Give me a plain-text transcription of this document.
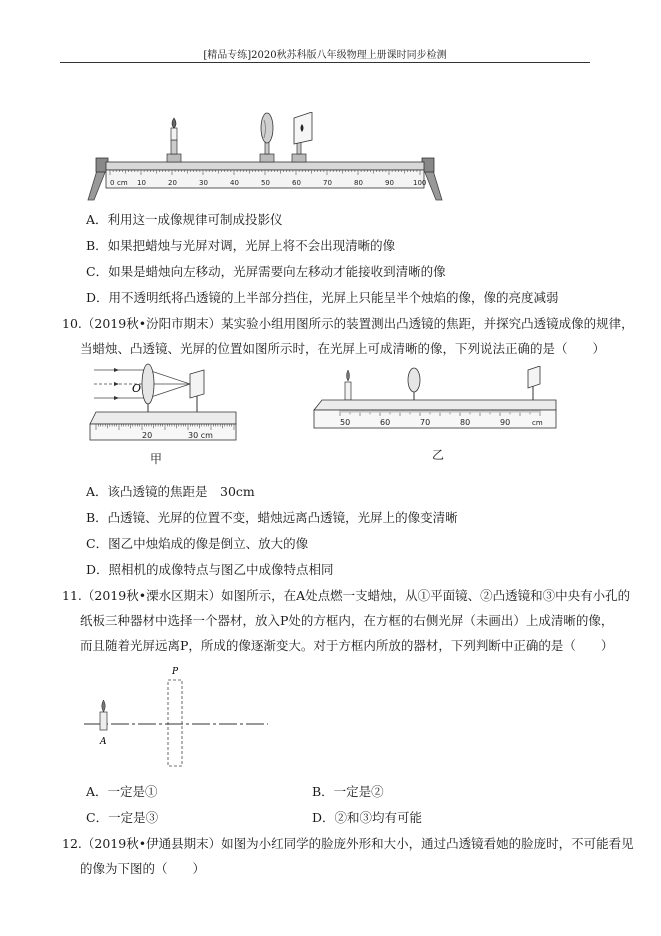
[精品专练]2020秋苏科版八年级物理上册课时同步检测
0 cm 10	20	30	40	50	60	70	80	90	100
A．利用这一成像规律可制成投影仪
B．如果把蜡烛与光屏对调，光屏上将不会出现清晰的像
C．如果是蜡烛向左移动，光屏需要向左移动才能接收到清晰的像
D．用不透明纸将凸透镜的上半部分挡住，光屏上只能呈半个烛焰的像，像的亮度减弱
10.（2019秋•汾阳市期末）某实验小组用图所示的装置测出凸透镜的焦距，并探究凸透镜成像的规律，
当蜡烛、凸透镜、光屏的位置如图所示时，在光屏上可成清晰的像，下列说法正确的是（　　）
O
20	30 cm
甲
50	60	70	80	90	cm
乙
A．该凸透镜的焦距是　30cm
B．凸透镜、光屏的位置不变，蜡烛远离凸透镜，光屏上的像变清晰
C．图乙中烛焰成的像是倒立、放大的像
D．照相机的成像特点与图乙中成像特点相同
11.（2019秋•溧水区期末）如图所示，在A处点燃一支蜡烛，从①平面镜、②凸透镜和③中央有小孔的
纸板三种器材中选择一个器材，放入P处的方框内，在方框的右侧光屏（未画出）上成清晰的像，
而且随着光屏远离P，所成的像逐渐变大。对于方框内所放的器材，下列判断中正确的是（　　）
P
A
A．一定是①	B．一定是②
C．一定是③	D．②和③均有可能
12.（2019秋•伊通县期末）如图为小红同学的脸庞外形和大小，通过凸透镜看她的脸庞时，不可能看见
的像为下图的（　　）
